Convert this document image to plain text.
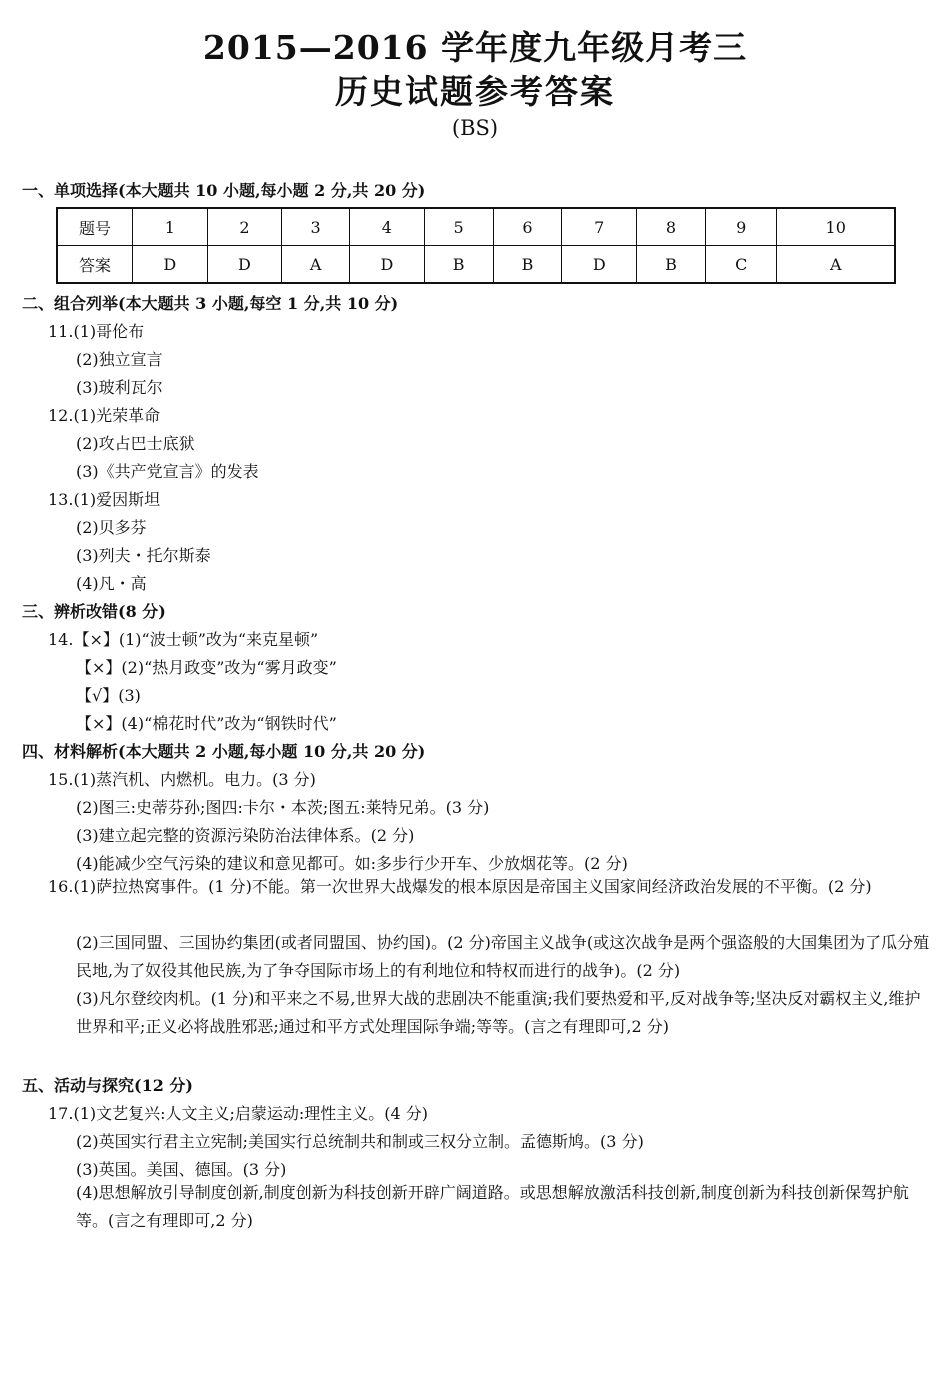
2015—2016 学年度九年级月考三
历史试题参考答案
(BS)
一、单项选择(本大题共 10 小题,每小题 2 分,共 20 分)
题号	1	2	3	4	5	6	7	8	9	10
答案	D	D	A	D	B	B	D	B	C	A
二、组合列举(本大题共 3 小题,每空 1 分,共 10 分)
11.(1)哥伦布
(2)独立宣言
(3)玻利瓦尔
12.(1)光荣革命
(2)攻占巴士底狱
(3)《共产党宣言》的发表
13.(1)爱因斯坦
(2)贝多芬
(3)列夫・托尔斯泰
(4)凡・高
三、辨析改错(8 分)
14.【×】(1)“波士顿”改为“来克星顿”
【×】(2)“热月政变”改为“雾月政变”
【√】(3)
【×】(4)“棉花时代”改为“钢铁时代”
四、材料解析(本大题共 2 小题,每小题 10 分,共 20 分)
15.(1)蒸汽机、内燃机。电力。(3 分)
(2)图三:史蒂芬孙;图四:卡尔・本茨;图五:莱特兄弟。(3 分)
(3)建立起完整的资源污染防治法律体系。(2 分)
(4)能减少空气污染的建议和意见都可。如:多步行少开车、少放烟花等。(2 分)
16.(1)萨拉热窝事件。(1 分)不能。第一次世界大战爆发的根本原因是帝国主义国家间经济政治发展的不平衡。(2 分)
(2)三国同盟、三国协约集团(或者同盟国、协约国)。(2 分)帝国主义战争(或这次战争是两个强盗般的大国集团为了瓜分殖民地,为了奴役其他民族,为了争夺国际市场上的有利地位和特权而进行的战争)。(2 分)
(3)凡尔登绞肉机。(1 分)和平来之不易,世界大战的悲剧决不能重演;我们要热爱和平,反对战争等;坚决反对霸权主义,维护世界和平;正义必将战胜邪恶;通过和平方式处理国际争端;等等。(言之有理即可,2 分)
五、活动与探究(12 分)
17.(1)文艺复兴:人文主义;启蒙运动:理性主义。(4 分)
(2)英国实行君主立宪制;美国实行总统制共和制或三权分立制。孟德斯鸠。(3 分)
(3)英国。美国、德国。(3 分)
(4)思想解放引导制度创新,制度创新为科技创新开辟广阔道路。或思想解放激活科技创新,制度创新为科技创新保驾护航等。(言之有理即可,2 分)
